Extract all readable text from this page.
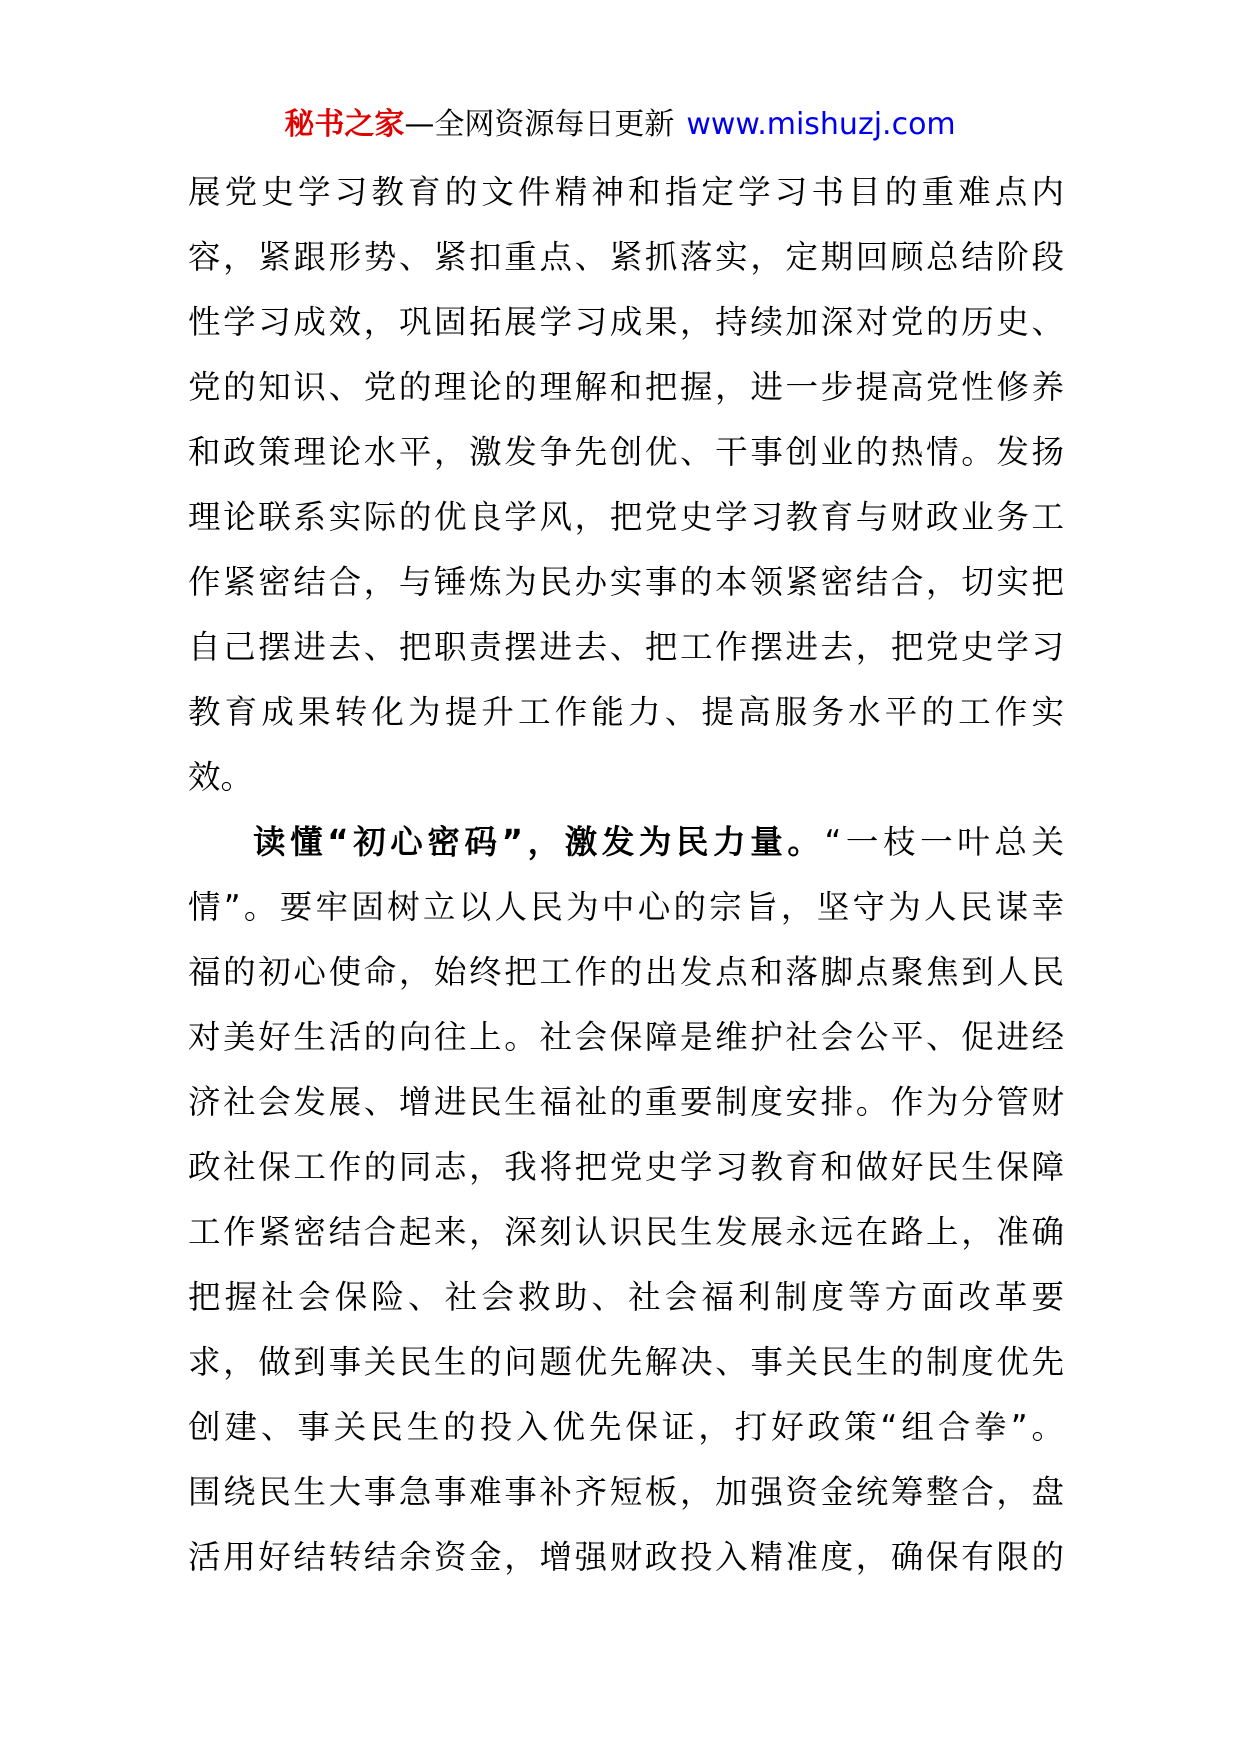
秘书之家—全网资源每日更新 www.mishuzj.com
展党史学习教育的文件精神和指定学习书目的重难点内
容，紧跟形势、紧扣重点、紧抓落实，定期回顾总结阶段
性学习成效，巩固拓展学习成果，持续加深对党的历史、
党的知识、党的理论的理解和把握，进一步提高党性修养
和政策理论水平，激发争先创优、干事创业的热情。发扬
理论联系实际的优良学风，把党史学习教育与财政业务工
作紧密结合，与锤炼为民办实事的本领紧密结合，切实把
自己摆进去、把职责摆进去、把工作摆进去，把党史学习
教育成果转化为提升工作能力、提高服务水平的工作实
效。
读懂“初心密码”，激发为民力量。“一枝一叶总关
情”。要牢固树立以人民为中心的宗旨，坚守为人民谋幸
福的初心使命，始终把工作的出发点和落脚点聚焦到人民
对美好生活的向往上。社会保障是维护社会公平、促进经
济社会发展、增进民生福祉的重要制度安排。作为分管财
政社保工作的同志，我将把党史学习教育和做好民生保障
工作紧密结合起来，深刻认识民生发展永远在路上，准确
把握社会保险、社会救助、社会福利制度等方面改革要
求，做到事关民生的问题优先解决、事关民生的制度优先
创建、事关民生的投入优先保证，打好政策“组合拳”。
围绕民生大事急事难事补齐短板，加强资金统筹整合，盘
活用好结转结余资金，增强财政投入精准度，确保有限的
